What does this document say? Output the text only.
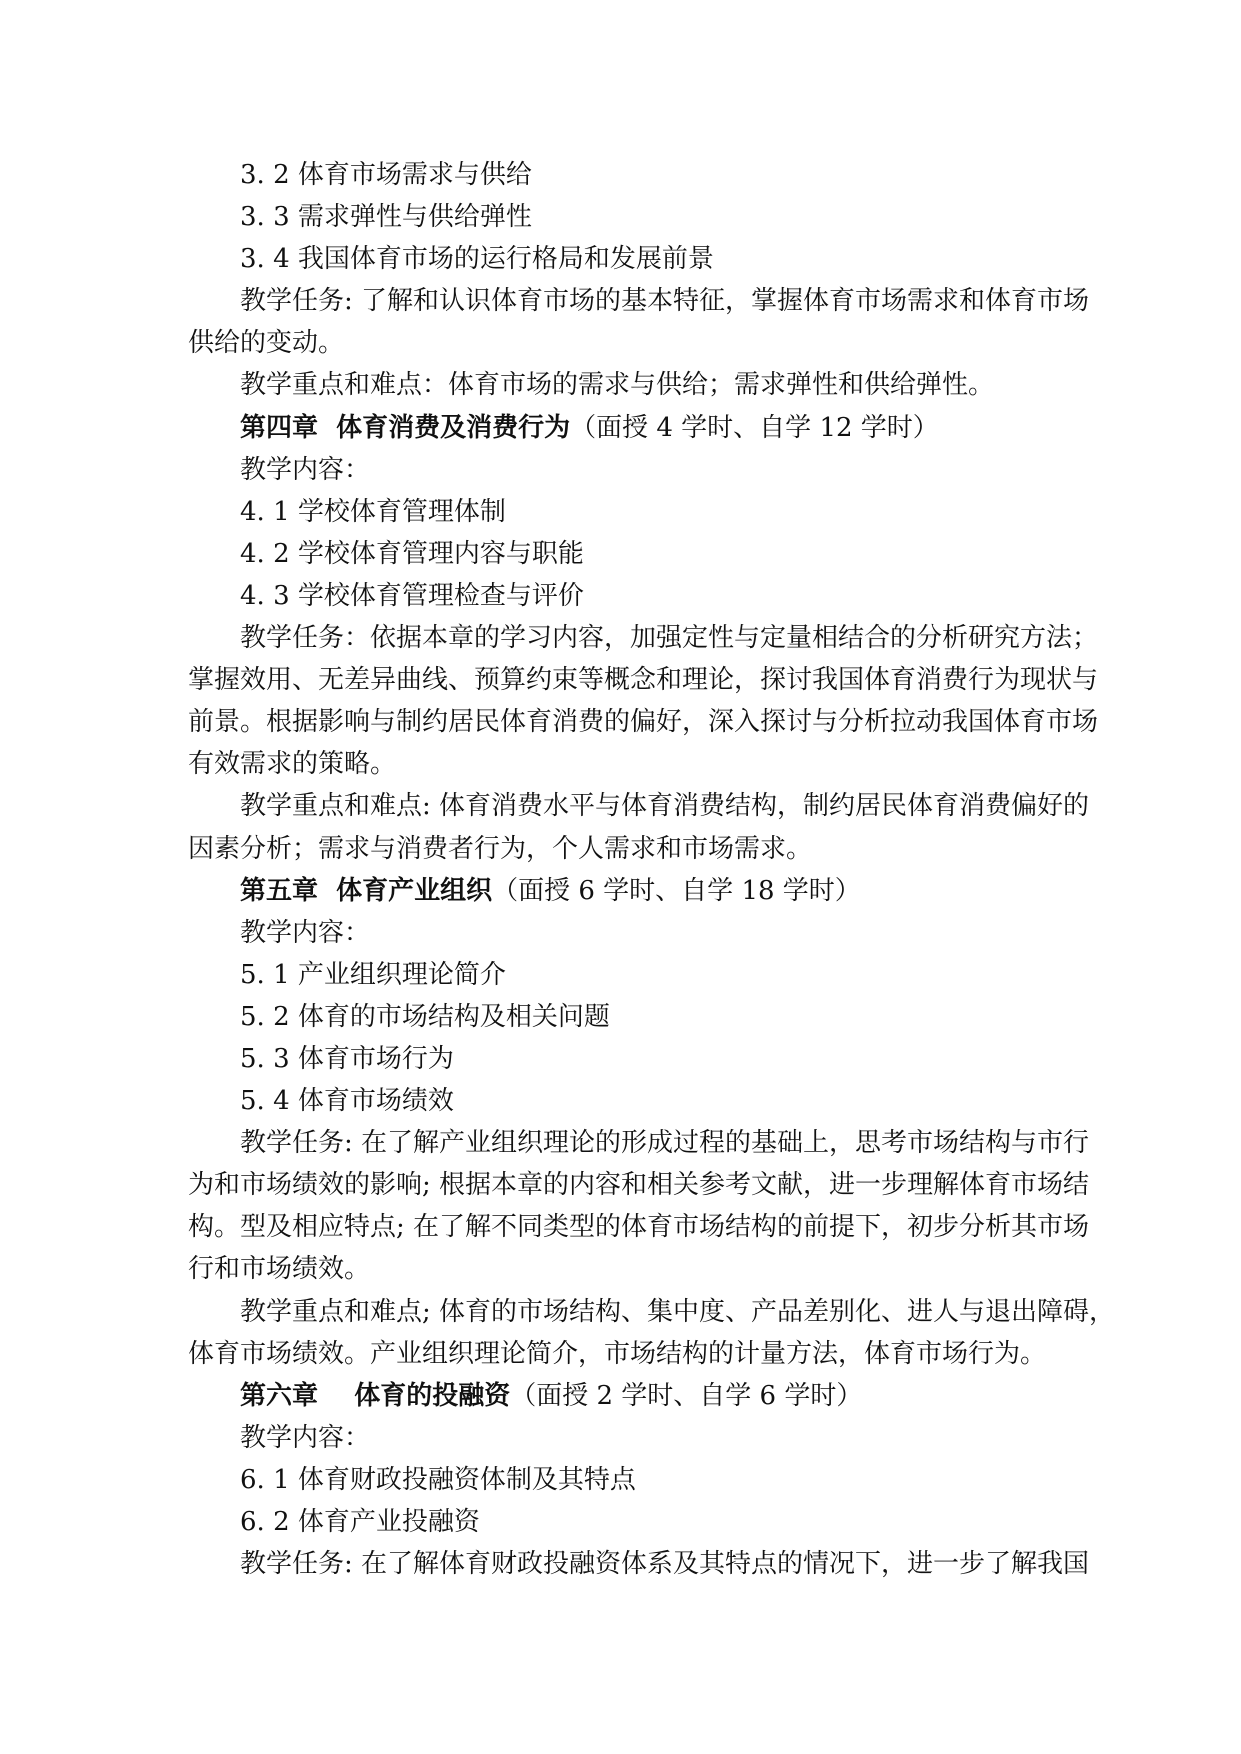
3. 2 体育市场需求与供给
3. 3 需求弹性与供给弹性
3. 4 我国体育市场的运行格局和发展前景
教学任务: 了解和认识体育市场的基本特征，掌握体育市场需求和体育市场
供给的变动。
教学重点和难点：体育市场的需求与供给；需求弹性和供给弹性。
第四章  体育消费及消费行为（面授 4 学时、自学 12 学时）
教学内容：
4. 1 学校体育管理体制
4. 2 学校体育管理内容与职能
4. 3 学校体育管理检查与评价
教学任务：依据本章的学习内容，加强定性与定量相结合的分析研究方法；
掌握效用、无差异曲线、预算约束等概念和理论，探讨我国体育消费行为现状与
前景。根据影响与制约居民体育消费的偏好，深入探讨与分析拉动我国体育市场
有效需求的策略。
教学重点和难点: 体育消费水平与体育消费结构，制约居民体育消费偏好的
因素分析；需求与消费者行为，个人需求和市场需求。
第五章  体育产业组织（面授 6 学时、自学 18 学时）
教学内容：
5. 1 产业组织理论简介
5. 2 体育的市场结构及相关问题
5. 3 体育市场行为
5. 4 体育市场绩效
教学任务: 在了解产业组织理论的形成过程的基础上，思考市场结构与市行
为和市场绩效的影响; 根据本章的内容和相关参考文献，进一步理解体育市场结
构。型及相应特点; 在了解不同类型的体育市场结构的前提下，初步分析其市场
行和市场绩效。
教学重点和难点; 体育的市场结构、集中度、产品差别化、进人与退出障碍，
体育市场绩效。产业组织理论简介，市场结构的计量方法，体育市场行为。
第六章    体育的投融资（面授 2 学时、自学 6 学时）
教学内容：
6. 1 体育财政投融资体制及其特点
6. 2 体育产业投融资
教学任务: 在了解体育财政投融资体系及其特点的情况下，进一步了解我国
